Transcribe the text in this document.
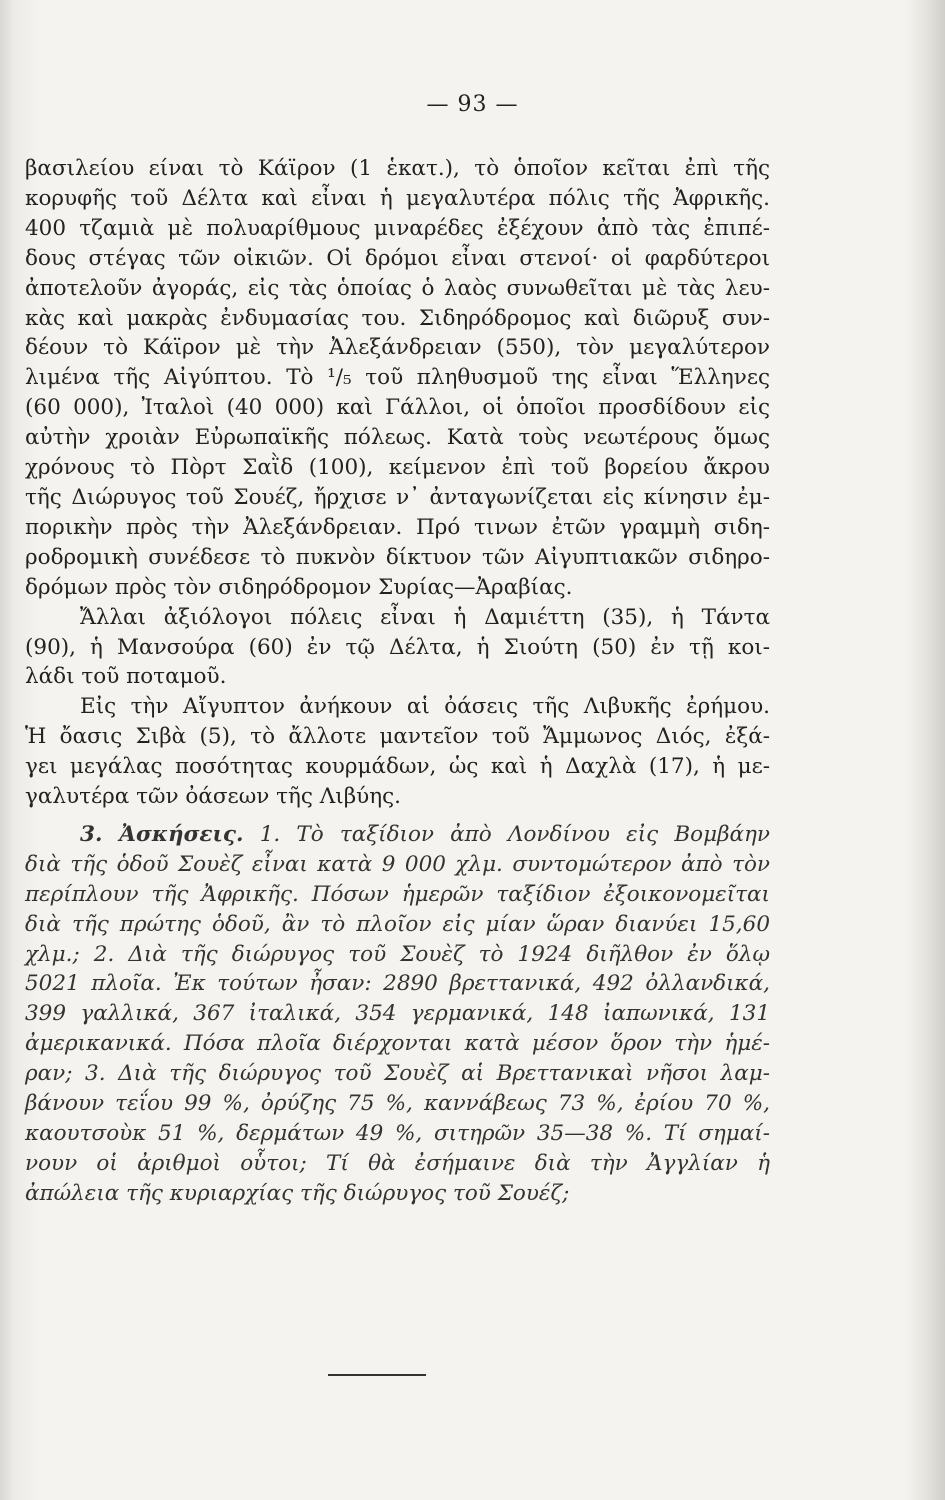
— 93 —
βασιλείου είναι τὸ Κάϊρον (1 ἑκατ.), τὸ ὁποῖον κεῖται ἐπὶ τῆς
κορυφῆς τοῦ Δέλτα καὶ εἶναι ἡ μεγαλυτέρα πόλις τῆς Ἀφρικῆς.
400 τζαμιὰ μὲ πολυαρίθμους μιναρέδες ἐξέχουν ἀπὸ τὰς ἐπιπέ-
δους στέγας τῶν οἰκιῶν. Οἱ δρόμοι εἶναι στενοί· οἱ φαρδύτεροι
ἀποτελοῦν ἀγοράς, εἰς τὰς ὁποίας ὁ λαὸς συνωθεῖται μὲ τὰς λευ-
κὰς καὶ μακρὰς ἐνδυμασίας του. Σιδηρόδρομος καὶ διῶρυξ συν-
δέουν τὸ Κάϊρον μὲ τὴν Ἀλεξάνδρειαν (550), τὸν μεγαλύτερον
λιμένα τῆς Αἰγύπτου. Τὸ ¹/₅ τοῦ πληθυσμοῦ της εἶναι Ἕλληνες
(60 000), Ἰταλοὶ (40 000) καὶ Γάλλοι, οἱ ὁποῖοι προσδίδουν εἰς
αὐτὴν χροιὰν Εὐρωπαϊκῆς πόλεως. Κατὰ τοὺς νεωτέρους ὅμως
χρόνους τὸ Πὸρτ Σαῒδ (100), κείμενον ἐπὶ τοῦ βορείου ἄκρου
τῆς Διώρυγος τοῦ Σουέζ, ἤρχισε ν᾽ ἀνταγωνίζεται εἰς κίνησιν ἐμ-
πορικὴν πρὸς τὴν Ἀλεξάνδρειαν. Πρό τινων ἐτῶν γραμμὴ σιδη-
ροδρομικὴ συνέδεσε τὸ πυκνὸν δίκτυον τῶν Αἰγυπτιακῶν σιδηρο-
δρόμων πρὸς τὸν σιδηρόδρομον Συρίας—Ἀραβίας.
Ἄλλαι ἀξιόλογοι πόλεις εἶναι ἡ Δαμιέττη (35), ἡ Τάντα
(90), ἡ Μανσούρα (60) ἐν τῷ Δέλτα, ἡ Σιούτη (50) ἐν τῇ κοι-
λάδι τοῦ ποταμοῦ.
Εἰς τὴν Αἴγυπτον ἀνήκουν αἱ ὀάσεις τῆς Λιβυκῆς ἐρήμου.
Ἡ ὄασις Σιβὰ (5), τὸ ἄλλοτε μαντεῖον τοῦ Ἄμμωνος Διός, ἐξά-
γει μεγάλας ποσότητας κουρμάδων, ὡς καὶ ἡ Δαχλὰ (17), ἡ με-
γαλυτέρα τῶν ὀάσεων τῆς Λιβύης.
3. Ἀσκήσεις. 1. Τὸ ταξίδιον ἀπὸ Λονδίνου εἰς Βομβάην
διὰ τῆς ὁδοῦ Σουὲζ εἶναι κατὰ 9 000 χλμ. συντομώτερον ἀπὸ τὸν
περίπλουν τῆς Ἀφρικῆς. Πόσων ἡμερῶν ταξίδιον ἐξοικονομεῖται
διὰ τῆς πρώτης ὁδοῦ, ἂν τὸ πλοῖον εἰς μίαν ὥραν διανύει 15,60
χλμ.; 2. Διὰ τῆς διώρυγος τοῦ Σουὲζ τὸ 1924 διῆλθον ἐν ὅλῳ
5021 πλοῖα. Ἐκ τούτων ἦσαν: 2890 βρεττανικά, 492 ὀλλανδικά,
399 γαλλικά, 367 ἰταλικά, 354 γερμανικά, 148 ἰαπωνικά, 131
ἀμερικανικά. Πόσα πλοῖα διέρχονται κατὰ μέσον ὅρον τὴν ἡμέ-
ραν; 3. Διὰ τῆς διώρυγος τοῦ Σουὲζ αἱ Βρεττανικαὶ νῆσοι λαμ-
βάνουν τεΐου 99 %, ὀρύζης 75 %, καννάβεως 73 %, ἐρίου 70 %,
καουτσοὺκ 51 %, δερμάτων 49 %, σιτηρῶν 35—38 %. Τί σημαί-
νουν οἱ ἀριθμοὶ οὗτοι; Τί θὰ ἐσήμαινε διὰ τὴν Ἀγγλίαν ἡ
ἀπώλεια τῆς κυριαρχίας τῆς διώρυγος τοῦ Σουέζ;
